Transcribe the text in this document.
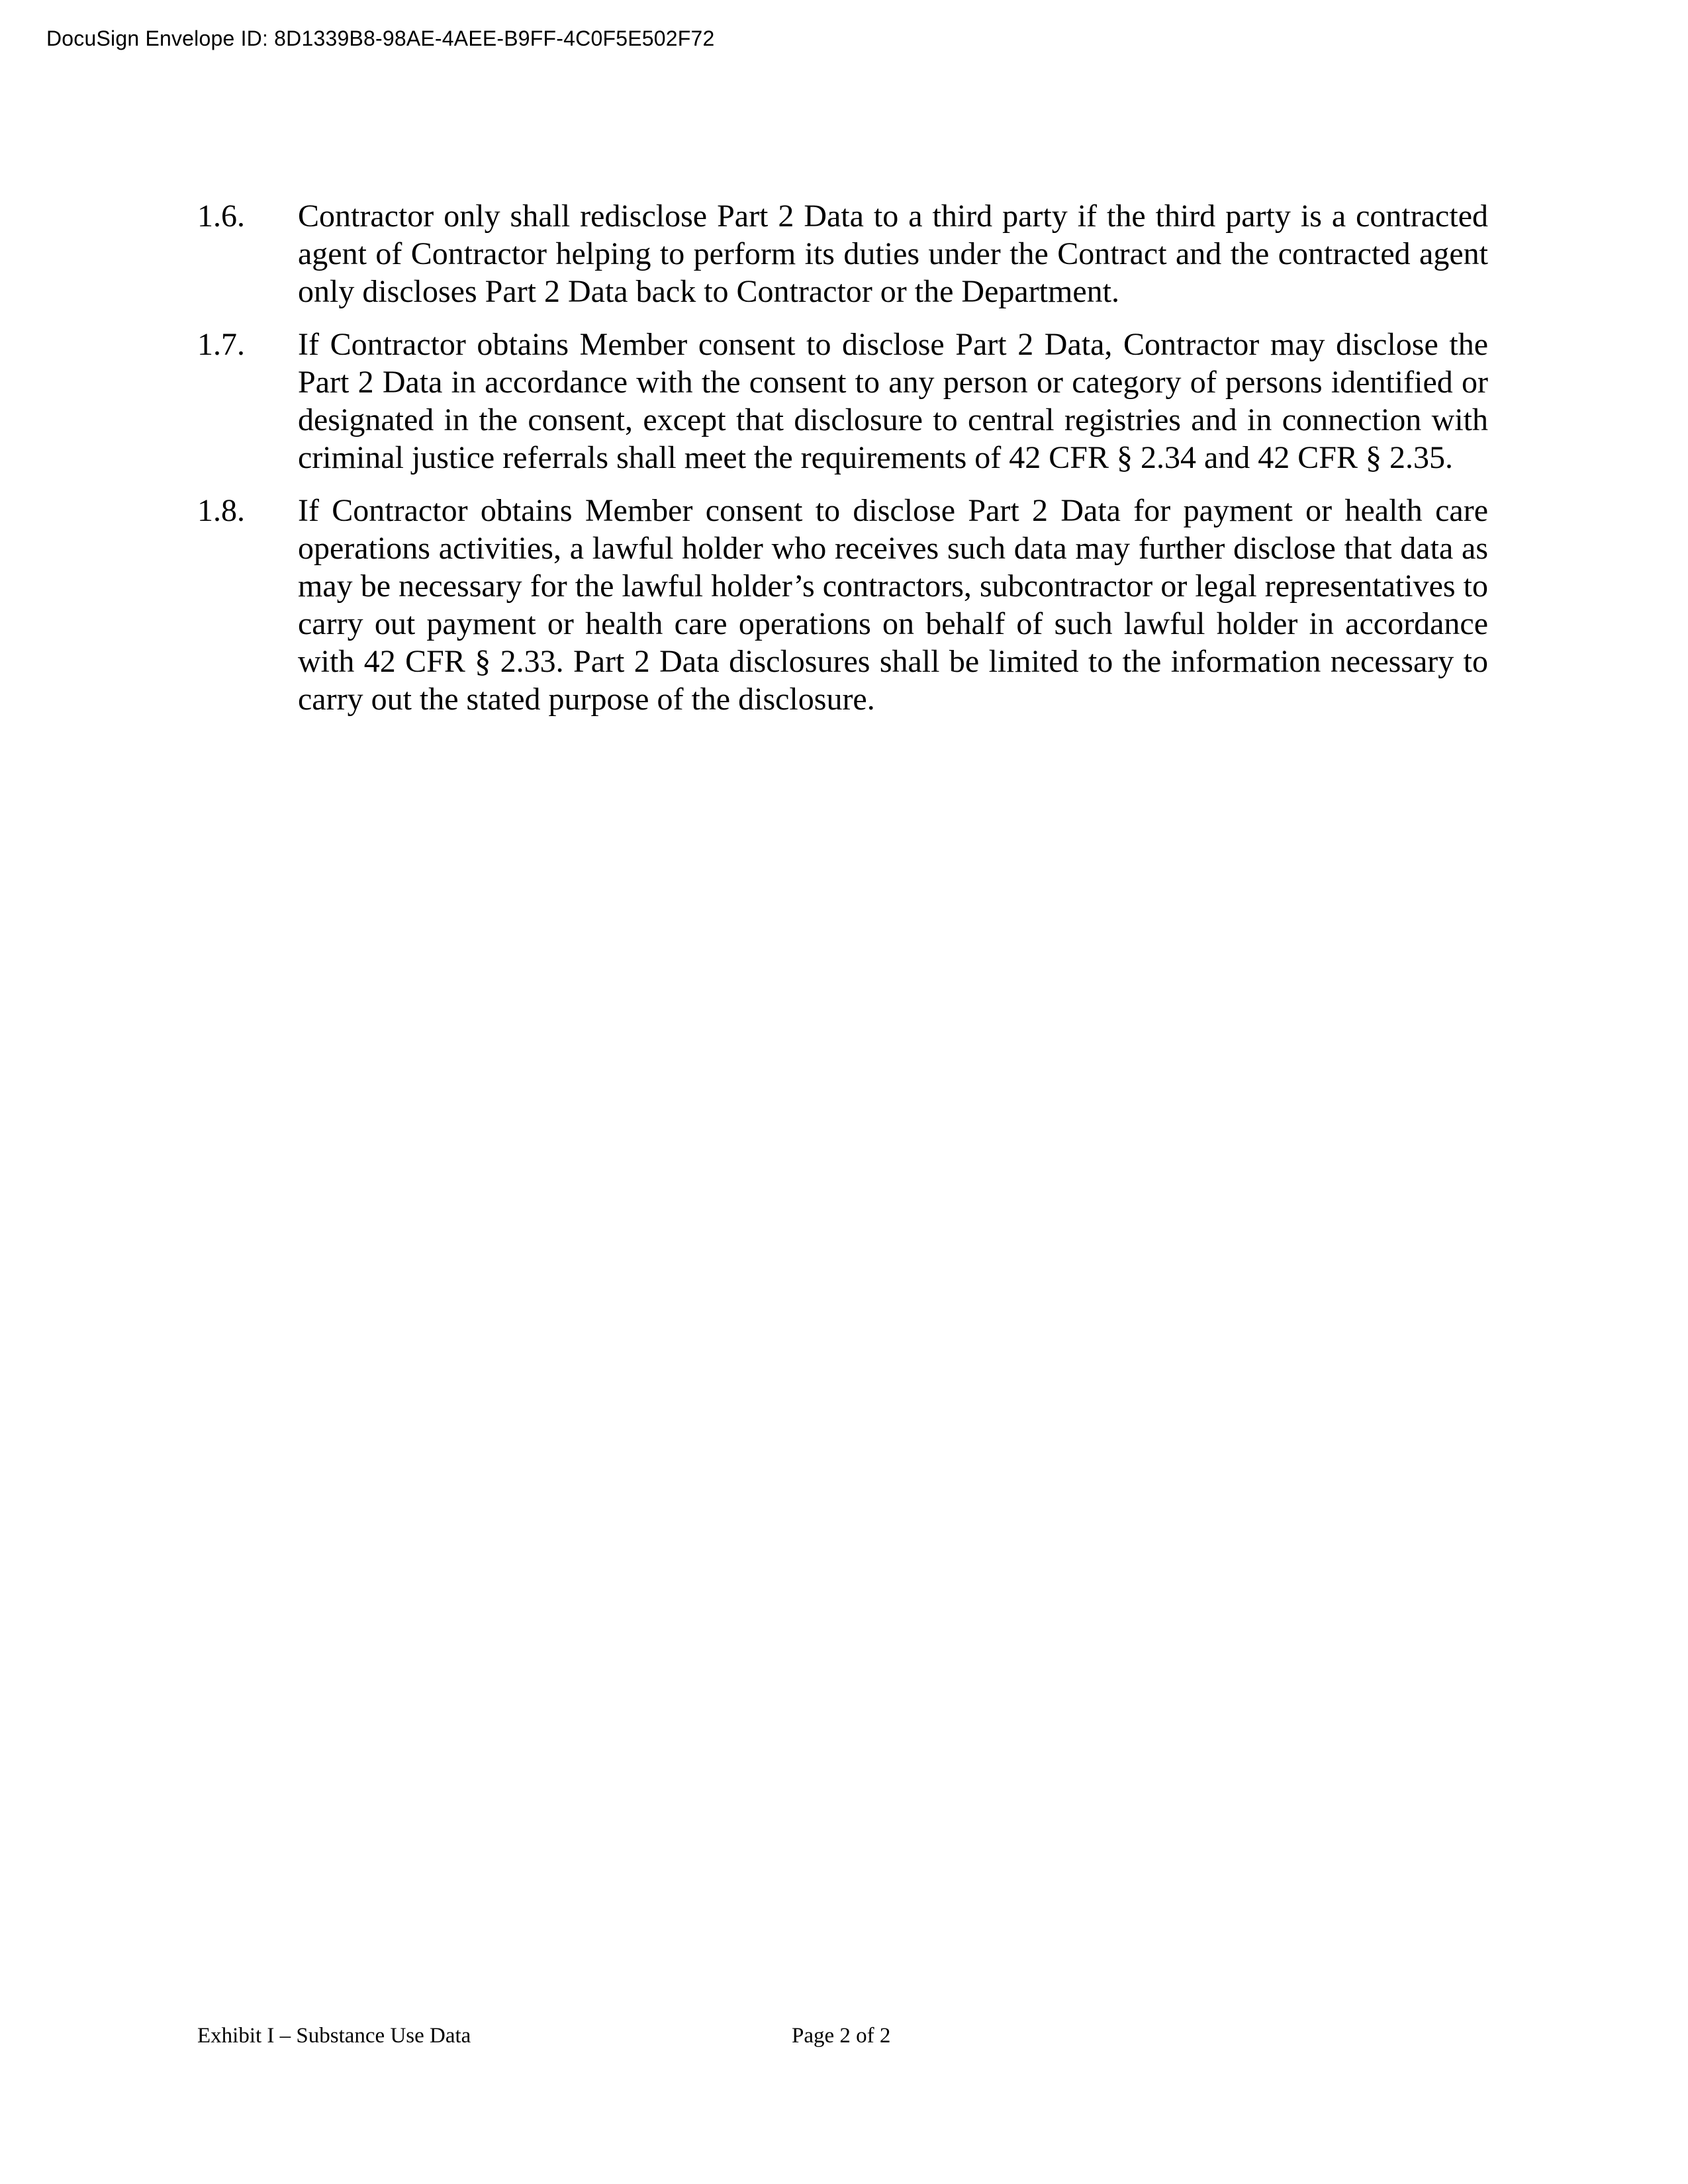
DocuSign Envelope ID: 8D1339B8-98AE-4AEE-B9FF-4C0F5E502F72
1.6. Contractor only shall redisclose Part 2 Data to a third party if the third party is a contracted agent of Contractor helping to perform its duties under the Contract and the contracted agent only discloses Part 2 Data back to Contractor or the Department.
1.7. If Contractor obtains Member consent to disclose Part 2 Data, Contractor may disclose the Part 2 Data in accordance with the consent to any person or category of persons identified or designated in the consent, except that disclosure to central registries and in connection with criminal justice referrals shall meet the requirements of 42 CFR § 2.34 and 42 CFR § 2.35.
1.8. If Contractor obtains Member consent to disclose Part 2 Data for payment or health care operations activities, a lawful holder who receives such data may further disclose that data as may be necessary for the lawful holder’s contractors, subcontractor or legal representatives to carry out payment or health care operations on behalf of such lawful holder in accordance with 42 CFR § 2.33. Part 2 Data disclosures shall be limited to the information necessary to carry out the stated purpose of the disclosure.
Exhibit I – Substance Use Data	Page 2 of 2
